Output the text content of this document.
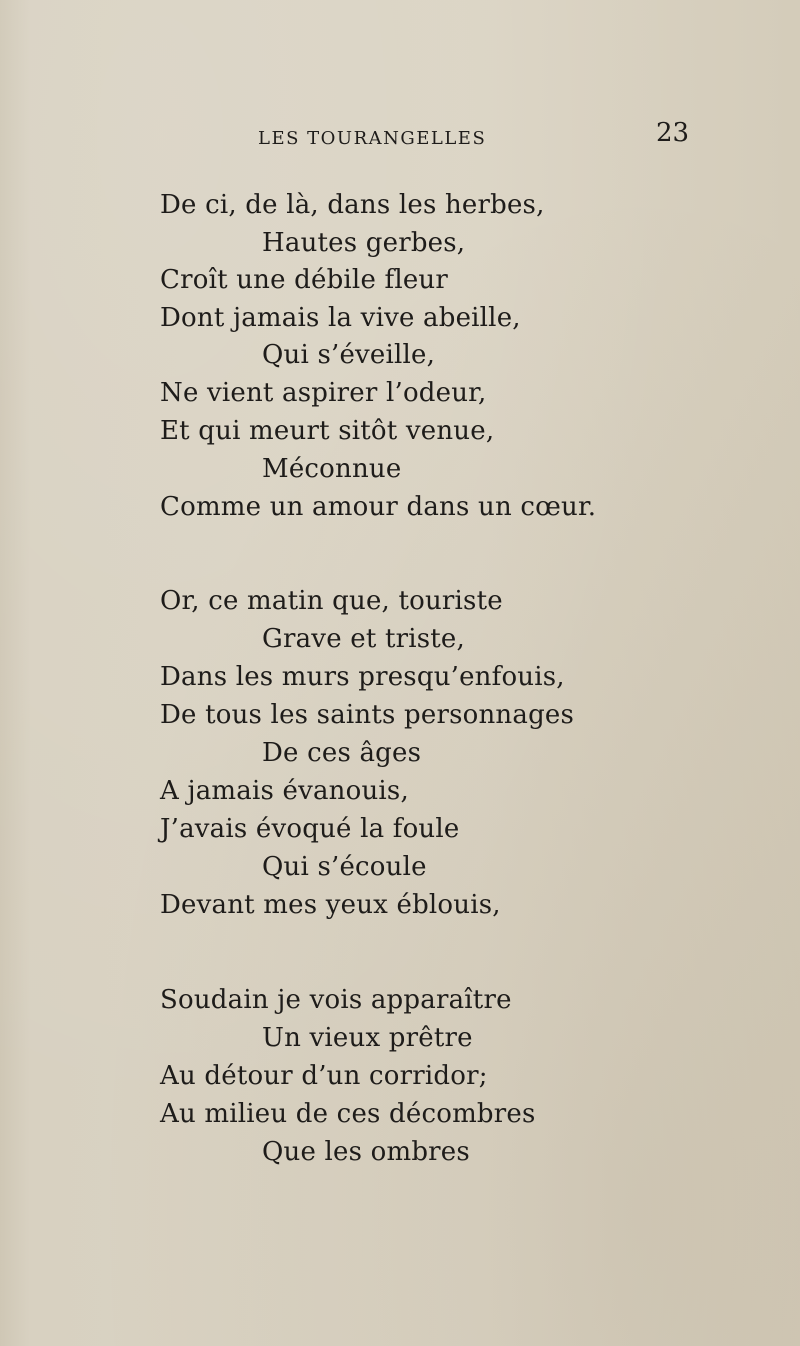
LES TOURANGELLES	23
De ci, de là, dans les herbes,
Hautes gerbes,
Croît une débile fleur
Dont jamais la vive abeille,
Qui s’éveille,
Ne vient aspirer l’odeur,
Et qui meurt sitôt venue,
Méconnue
Comme un amour dans un cœur.
Or, ce matin que, touriste
Grave et triste,
Dans les murs presqu’enfouis,
De tous les saints personnages
De ces âges
A jamais évanouis,
J’avais évoqué la foule
Qui s’écoule
Devant mes yeux éblouis,
Soudain je vois apparaître
Un vieux prêtre
Au détour d’un corridor;
Au milieu de ces décombres
Que les ombres
